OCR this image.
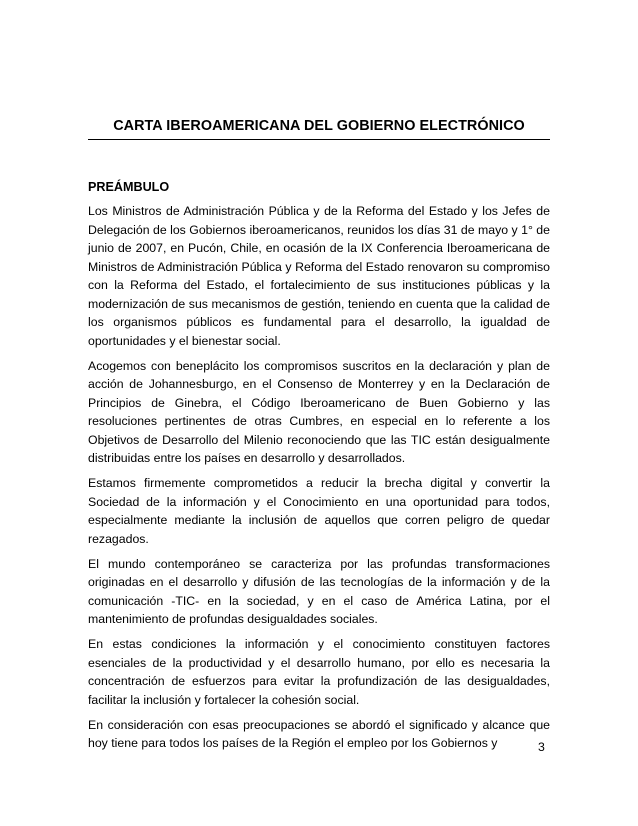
CARTA IBEROAMERICANA DEL GOBIERNO ELECTRÓNICO
PREÁMBULO

Los Ministros de Administración Pública y de la Reforma del Estado y los Jefes de Delegación de los Gobiernos iberoamericanos, reunidos los días 31 de mayo y 1° de junio de 2007, en Pucón, Chile, en ocasión de la IX Conferencia Iberoamericana de Ministros de Administración Pública y Reforma del Estado renovaron su compromiso con la Reforma del Estado, el fortalecimiento de sus instituciones públicas y la modernización de sus mecanismos de gestión, teniendo en cuenta que la calidad de los organismos públicos es fundamental para el desarrollo, la igualdad de oportunidades y el bienestar social.

Acogemos con beneplácito los compromisos suscritos en la declaración y plan de acción de Johannesburgo, en el Consenso de Monterrey y en la Declaración de Principios de Ginebra, el Código Iberoamericano de Buen Gobierno y las resoluciones pertinentes de otras Cumbres, en especial en lo referente a los Objetivos de Desarrollo del Milenio reconociendo que las TIC están desigualmente distribuidas entre los países en desarrollo y desarrollados.

Estamos firmemente comprometidos a reducir la brecha digital y convertir la Sociedad de la información y el Conocimiento en una oportunidad para todos, especialmente mediante la inclusión de aquellos que corren peligro de quedar rezagados.

El mundo contemporáneo se caracteriza por las profundas transformaciones originadas en el desarrollo y difusión de las tecnologías de la información y de la comunicación -TIC- en la sociedad, y en el caso de América Latina, por el mantenimiento de profundas desigualdades sociales.

En estas condiciones la información y el conocimiento constituyen factores esenciales de la productividad y el desarrollo humano, por ello es necesaria la concentración de esfuerzos para evitar la profundización de las desigualdades, facilitar la inclusión y fortalecer la cohesión social.

En consideración con esas preocupaciones se abordó el significado y alcance que hoy tiene para todos los países de la Región el empleo por los Gobiernos y	3
